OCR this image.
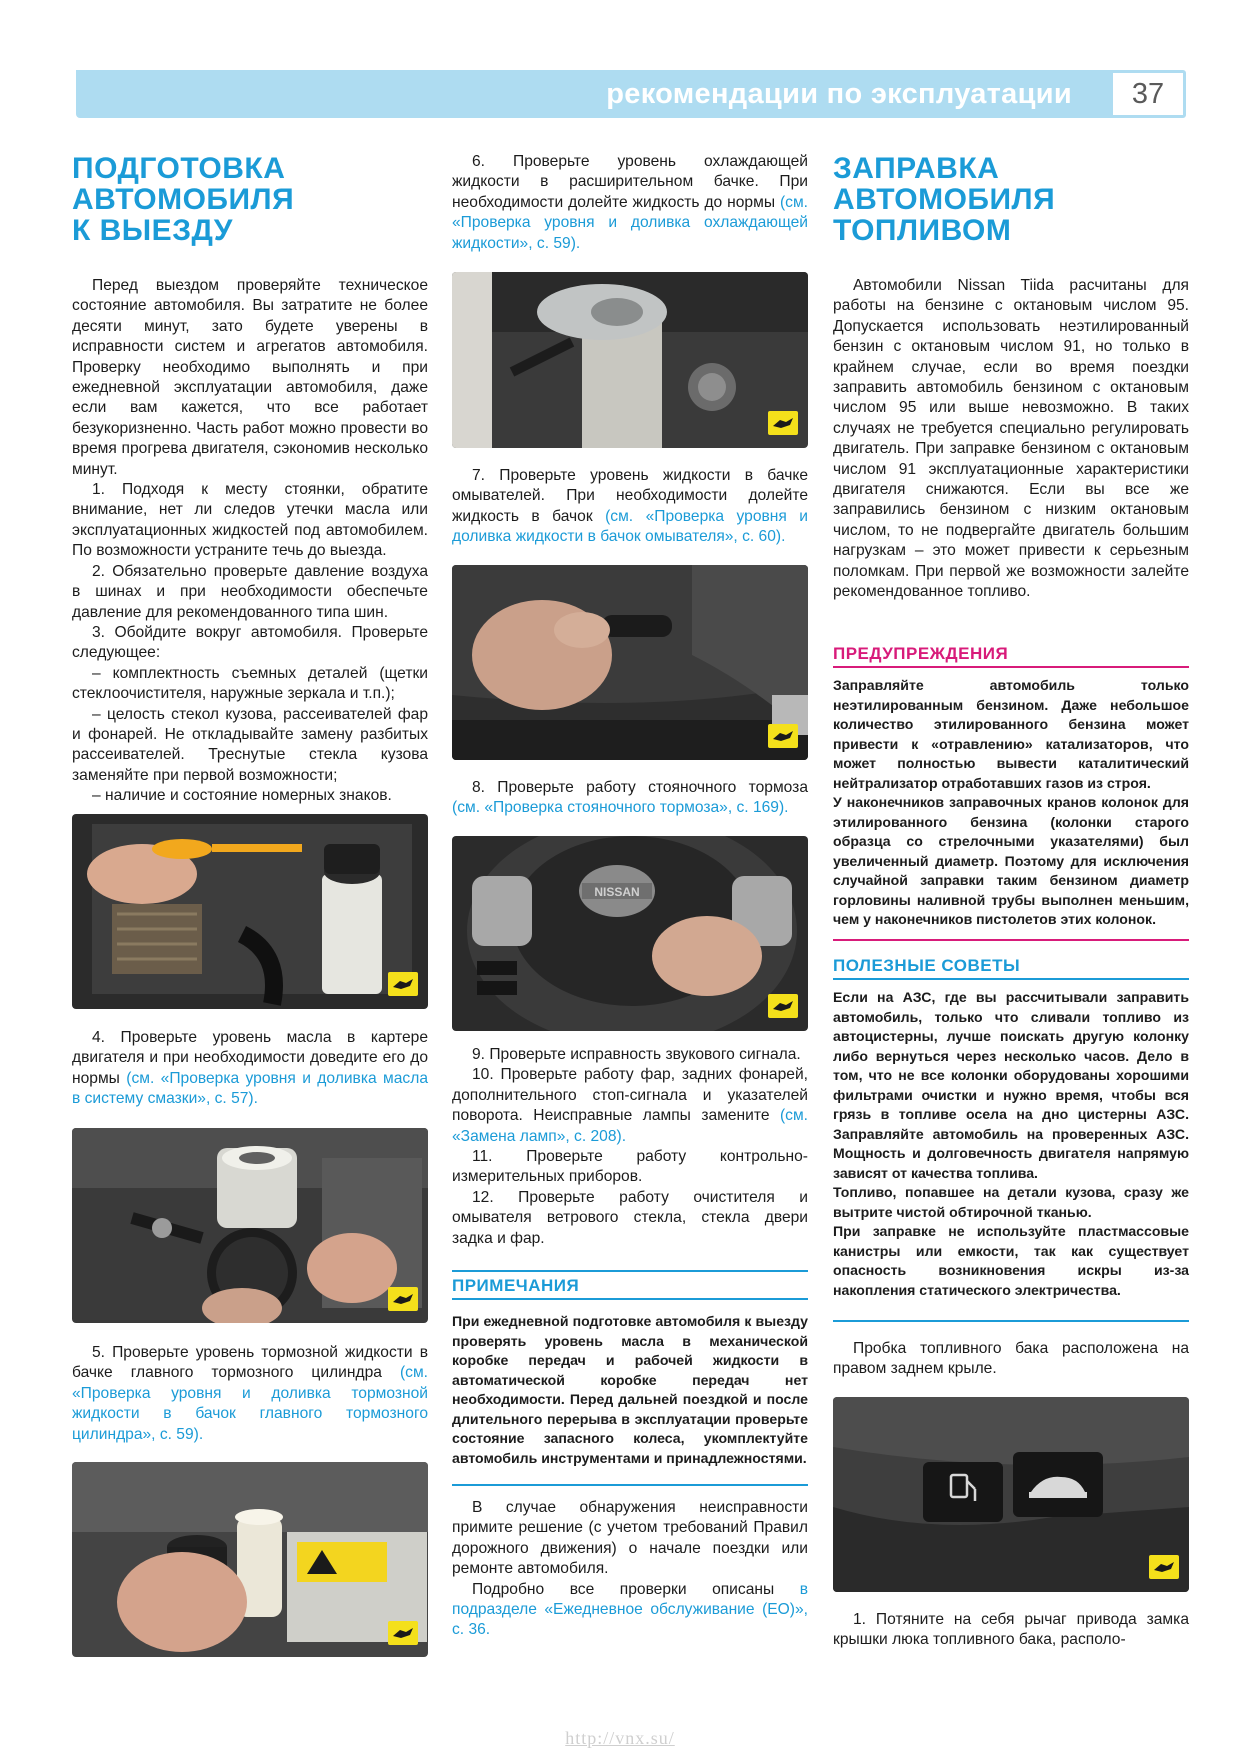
рекомендации по эксплуатации	37
ПОДГОТОВКА
АВТОМОБИЛЯ
К ВЫЕЗДУ

Перед выездом проверяйте техническое состояние автомобиля. Вы затратите не более десяти минут, зато будете уверены в исправности систем и агрегатов автомобиля. Проверку необходимо выполнять и при ежедневной эксплуатации автомобиля, даже если вам кажется, что все работает безукоризненно. Часть работ можно провести во время прогрева двигателя, сэкономив несколько минут.

1. Подходя к месту стоянки, обратите внимание, нет ли следов утечки масла или эксплуатационных жидкостей под автомобилем. По возможности устраните течь до выезда.

2. Обязательно проверьте давление воздуха в шинах и при необходимости обеспечьте давление для рекомендованного типа шин.

3. Обойдите вокруг автомобиля. Проверьте следующее:

– комплектность съемных деталей (щетки стеклоочистителя, наружные зеркала и т.п.);

– целость стекол кузова, рассеивателей фар и фонарей. Не откладывайте замену разбитых рассеивателей. Треснутые стекла кузова заменяйте при первой возможности;

– наличие и состояние номерных знаков.

4. Проверьте уровень масла в картере двигателя и при необходимости доведите его до нормы (см. «Проверка уровня и доливка масла в систему смазки», с. 57).

5. Проверьте уровень тормозной жидкости в бачке главного тормозного цилиндра (см. «Проверка уровня и доливка тормозной жидкости в бачок главного тормозного цилиндра», с. 59).

6. Проверьте уровень охлаждающей жидкости в расширительном бачке. При необходимости долейте жидкость до нормы (см. «Проверка уровня и доливка охлаждающей жидкости», с. 59).

7. Проверьте уровень жидкости в бачке омывателей. При необходимости долейте жидкость в бачок (см. «Проверка уровня и доливка жидкости в бачок омывателя», с. 60).

8. Проверьте работу стояночного тормоза (см. «Проверка стояночного тормоза», с. 169).

NISSAN

9. Проверьте исправность звукового сигнала.

10. Проверьте работу фар, задних фонарей, дополнительного стоп-сигнала и указателей поворота. Неисправные лампы замените (см. «Замена ламп», с. 208).

11. Проверьте работу контрольно-измерительных приборов.

12. Проверьте работу очистителя и омывателя ветрового стекла, стекла двери задка и фар.

ПРИМЕЧАНИЯ

При ежедневной подготовке автомобиля к выезду проверять уровень масла в механической коробке передач и рабочей жидкости в автоматической коробке передач нет необходимости. Перед дальней поездкой и после длительного перерыва в эксплуатации проверьте состояние запасного колеса, укомплектуйте автомобиль инструментами и принадлежностями.

В случае обнаружения неисправности примите решение (с учетом требований Правил дорожного движения) о начале поездки или ремонте автомобиля.

Подробно все проверки описаны в подразделе «Ежедневное обслуживание (ЕО)», с. 36.

ЗАПРАВКА
АВТОМОБИЛЯ
ТОПЛИВОМ

Автомобили Nissan Tiida расчитаны для работы на бензине с октановым числом 95. Допускается использовать неэтилированный бензин с октановым числом 91, но только в крайнем случае, если во время поездки заправить автомобиль бензином с октановым числом 95 или выше невозможно. В таких случаях не требуется специально регулировать двигатель. При заправке бензином с октановым числом 91 эксплуатационные характеристики двигателя снижаются. Если вы все же заправились бензином с низким октановым числом, то не подвергайте двигатель большим нагрузкам – это может привести к серьезным поломкам. При первой же возможности залейте рекомендованное топливо.

ПРЕДУПРЕЖДЕНИЯ

Заправляйте автомобиль только неэтилированным бензином. Даже небольшое количество этилированного бензина может привести к «отравлению» катализаторов, что может полностью вывести каталитический нейтрализатор отработавших газов из строя.

У наконечников заправочных кранов колонок для этилированного бензина (колонки старого образца со стрелочными указателями) был увеличенный диаметр. Поэтому для исключения случайной заправки таким бензином диаметр горловины наливной трубы выполнен меньшим, чем у наконечников пистолетов этих колонок.

ПОЛЕЗНЫЕ СОВЕТЫ

Если на АЗС, где вы рассчитывали заправить автомобиль, только что сливали топливо из автоцистерны, лучше поискать другую колонку либо вернуться через несколько часов. Дело в том, что не все колонки оборудованы хорошими фильтрами очистки и нужно время, чтобы вся грязь в топливе осела на дно цистерны АЗС. Заправляйте автомобиль на проверенных АЗС. Мощность и долговечность двигателя напрямую зависят от качества топлива.

Топливо, попавшее на детали кузова, сразу же вытрите чистой обтирочной тканью.

При заправке не используйте пластмассовые канистры или емкости, так как существует опасность возникновения искры из-за накопления статического электричества.

Пробка топливного бака расположена на правом заднем крыле.

1. Потяните на себя рычаг привода замка крышки люка топливного бака, располо-

http://vnx.su/
